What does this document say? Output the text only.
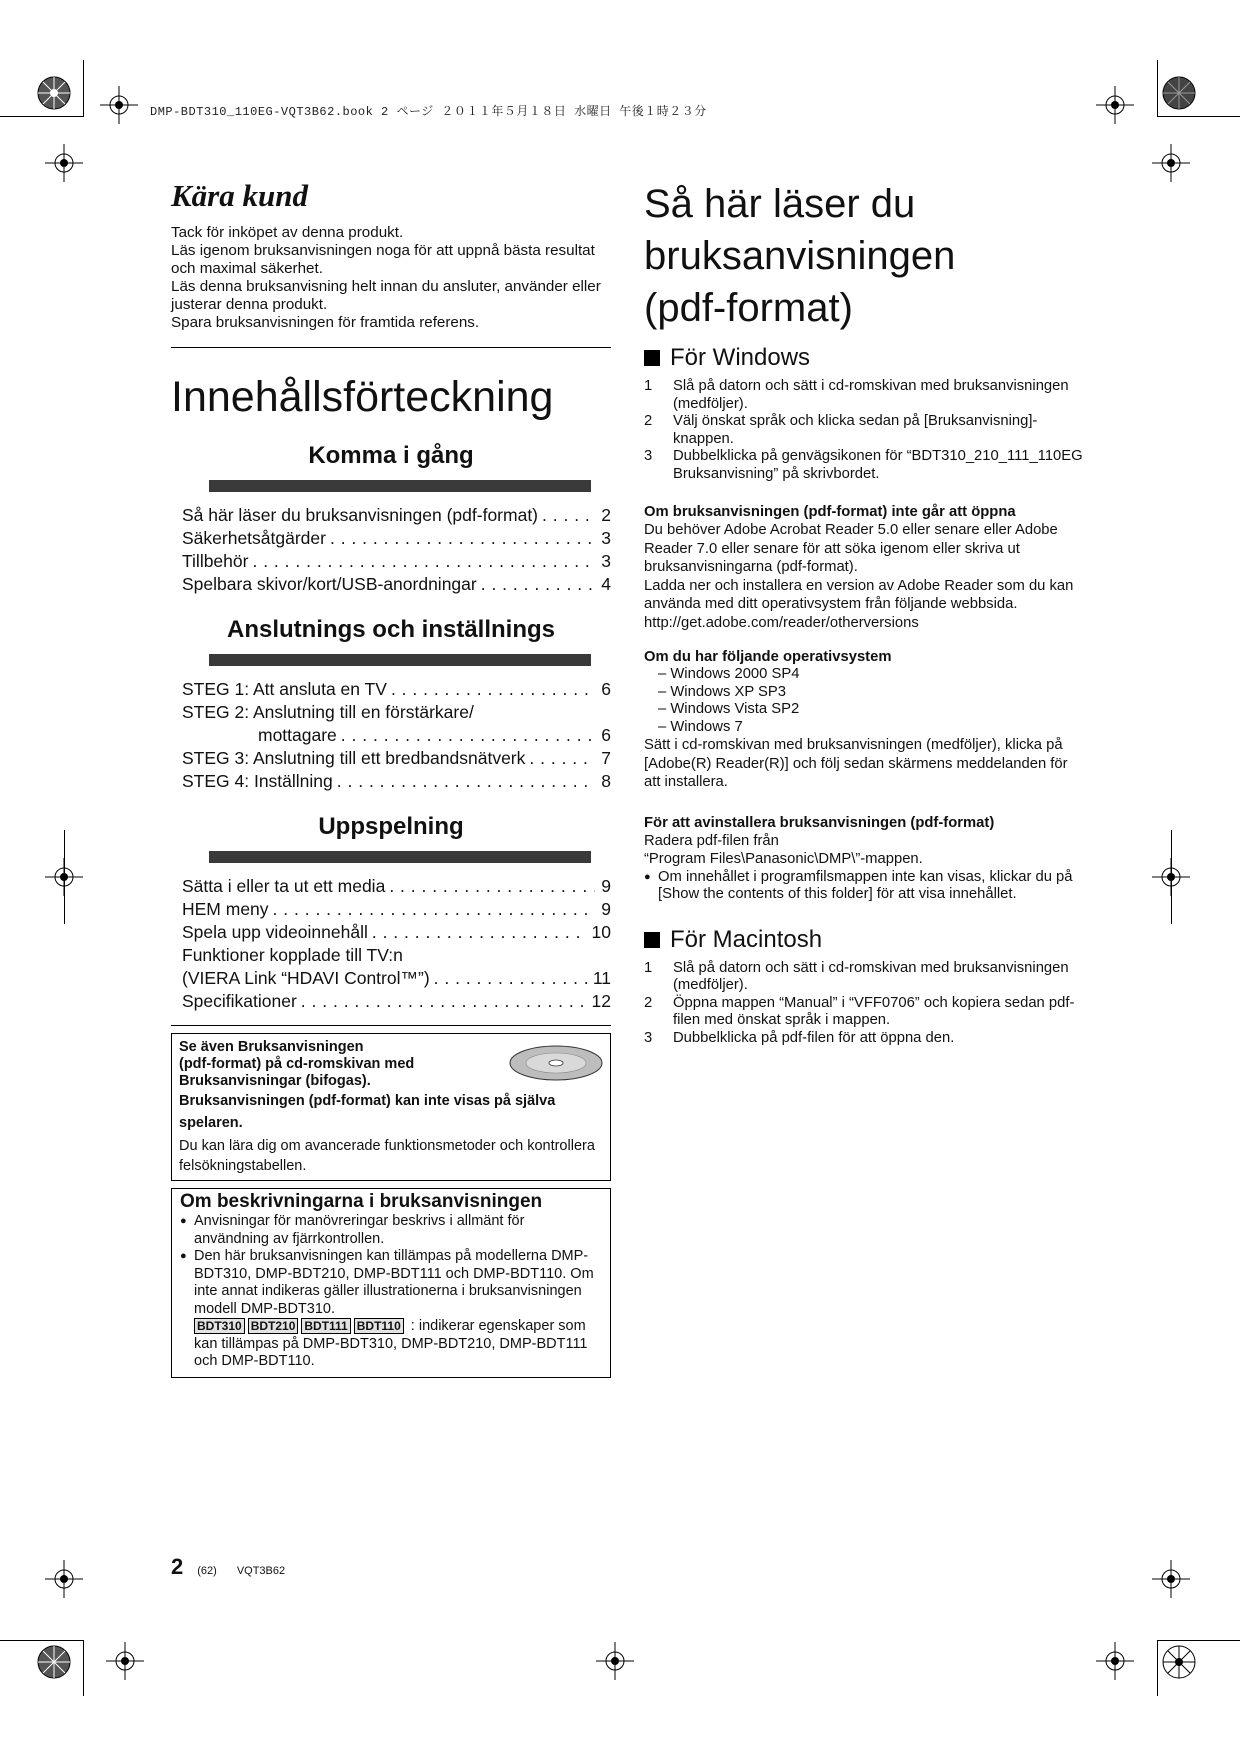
DMP-BDT310_110EG-VQT3B62.book 2 ページ ２０１１年５月１８日 水曜日 午後１時２３分
Kära kund

Tack för inköpet av denna produkt.

Läs igenom bruksanvisningen noga för att uppnå bästa resultat och maximal säkerhet.

Läs denna bruksanvisning helt innan du ansluter, använder eller justerar denna produkt.

Spara bruksanvisningen för framtida referens.

Innehållsförteckning
Komma i gång
Så här läser du bruksanvisningen (pdf-format) . . .	2
Säkerhetsåtgärder . . .	3
Tillbehör . . .	3
Spelbara skivor/kort/USB-anordningar . . .	4
Anslutnings och inställnings
STEG 1: Att ansluta en TV . . .	6
STEG 2: Anslutning till en förstärkare/
mottagare . . .	6
STEG 3: Anslutning till ett bredbandsnätverk . . .	7
STEG 4: Inställning . . .	8
Uppspelning
Sätta i eller ta ut ett media . . .	9
HEM meny . . .	9
Spela upp videoinnehåll . . .	10
Funktioner kopplade till TV:n
(VIERA Link “HDAVI Control™”) . . .	11
Specifikationer . . .	12
Se även Bruksanvisningen
(pdf-format) på cd-romskivan med
Bruksanvisningar (bifogas).
Bruksanvisningen (pdf-format) kan inte visas på själva spelaren.
Du kan lära dig om avancerade funktionsmetoder och kontrollera felsökningstabellen.
Om beskrivningarna i bruksanvisningen
● Anvisningar för manövreringar beskrivs i allmänt för användning av fjärrkontrollen.
● Den här bruksanvisningen kan tillämpas på modellerna DMP-BDT310, DMP-BDT210, DMP-BDT111 och DMP-BDT110. Om inte annat indikeras gäller illustrationerna i bruksanvisningen modell DMP-BDT310.
BDT310 BDT210 BDT111 BDT110 : indikerar egenskaper som kan tillämpas på DMP-BDT310, DMP-BDT210, DMP-BDT111 och DMP-BDT110.
Så här läser du
bruksanvisningen
(pdf-format)
För Windows
1	Slå på datorn och sätt i cd-romskivan med bruksanvisningen (medföljer).
2	Välj önskat språk och klicka sedan på [Bruksanvisning]-knappen.
3	Dubbelklicka på genvägsikonen för “BDT310_210_111_110EG Bruksanvisning” på skrivbordet.
Om bruksanvisningen (pdf-format) inte går att öppna
Du behöver Adobe Acrobat Reader 5.0 eller senare eller Adobe Reader 7.0 eller senare för att söka igenom eller skriva ut bruksanvisningarna (pdf-format).
Ladda ner och installera en version av Adobe Reader som du kan använda med ditt operativsystem från följande webbsida.
http://get.adobe.com/reader/otherversions
Om du har följande operativsystem
– Windows 2000 SP4
– Windows XP SP3
– Windows Vista SP2
– Windows 7
Sätt i cd-romskivan med bruksanvisningen (medföljer), klicka på [Adobe(R) Reader(R)] och följ sedan skärmens meddelanden för att installera.
För att avinstallera bruksanvisningen (pdf-format)
Radera pdf-filen från
“Program Files\Panasonic\DMP\”-mappen.
● Om innehållet i programfilsmappen inte kan visas, klickar du på [Show the contents of this folder] för att visa innehållet.
För Macintosh
1	Slå på datorn och sätt i cd-romskivan med bruksanvisningen (medföljer).
2	Öppna mappen “Manual” i “VFF0706” och kopiera sedan pdf-filen med önskat språk i mappen.
3	Dubbelklicka på pdf-filen för att öppna den.
2 (62) VQT3B62
